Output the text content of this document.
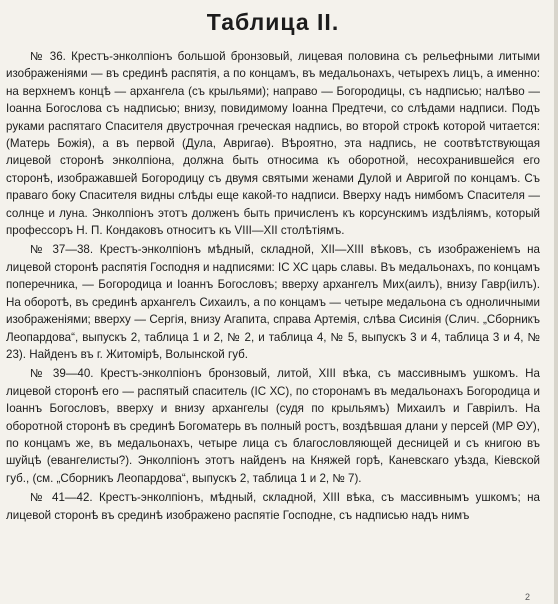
Таблица II.

№ 36. Крестъ-энколпіонъ большой бронзовый, лицевая половина съ рельефными литыми изображеніями — въ срединѣ распятія, а по концамъ, въ медальонахъ, четырехъ лицъ, а именно: на верхнемъ концѣ — архангела (съ крыльями); направо — Богородицы, съ надписью; налѣво — Іоанна Богослова съ надписью; внизу, повидимому Іоанна Предтечи, со слѣдами надписи. Подъ руками распятаго Спасителя двустрочная греческая надпись, во второй строкѣ которой читается: (Матерь Божія), а въ первой (Дула, Авригаѳ). Вѣроятно, эта надпись, не соотвѣтствующая лицевой сторонѣ энколпіона, должна быть относима къ оборотной, несохранившейся его сторонѣ, изображавшей Богородицу съ двумя святыми женами Дулой и Авригой по концамъ. Съ праваго боку Спасителя видны слѣды еще какой-то надписи. Вверху надъ нимбомъ Спасителя — солнце и луна. Энколпіонъ этотъ долженъ быть причисленъ къ корсунскимъ издѣліямъ, который профессоръ Н. П. Кондаковъ относитъ къ VIII—XII столѣтіямъ.

№ 37—38. Крестъ-энколпіонъ мѣдный, складной, XII—XIII вѣковъ, съ изображеніемъ на лицевой сторонѣ распятія Господня и надписями: ІС ХС царь славы. Въ медальонахъ, по концамъ поперечника, — Богородица и Іоаннъ Богословъ; вверху архангелъ Мих(аилъ), внизу Гавр(іилъ). На оборотѣ, въ срединѣ архангелъ Сихаилъ, а по концамъ — четыре медальона съ одноличными изображеніями; вверху — Сергія, внизу Агапита, справа Артемія, слѣва Сисинія (Слич. „Сборникъ Леопардова“, выпускъ 2, таблица 1 и 2, № 2, и таблица 4, № 5, выпускъ 3 и 4, таблица 3 и 4, № 23). Найденъ въ г. Житомірѣ, Волынской губ.

№ 39—40. Крестъ-энколпіонъ бронзовый, литой, XIII вѣка, съ массивнымъ ушкомъ. На лицевой сторонѣ его — распятый спаситель (ІС ХС), по сторонамъ въ медальонахъ Богородица и Іоаннъ Богословъ, вверху и внизу архангелы (судя по крыльямъ) Михаилъ и Гавріилъ. На оборотной сторонѣ въ срединѣ Богоматерь въ полный ростъ, воздѣвшая длани у персей (МР ΘУ), по концамъ же, въ медальонахъ, четыре лица съ благословляющей десницей и съ книгою въ шуйцѣ (евангелисты?). Энколпіонъ этотъ найденъ на Княжей горѣ, Каневскаго уѣзда, Кіевской губ., (см. „Сборникъ Леопардова“, выпускъ 2, таблица 1 и 2, № 7).

№ 41—42. Крестъ-энколпіонъ, мѣдный, складной, XIII вѣка, съ массивнымъ ушкомъ; на лицевой сторонѣ въ срединѣ изображено распятіе Господне, съ надписью надъ нимъ

2
